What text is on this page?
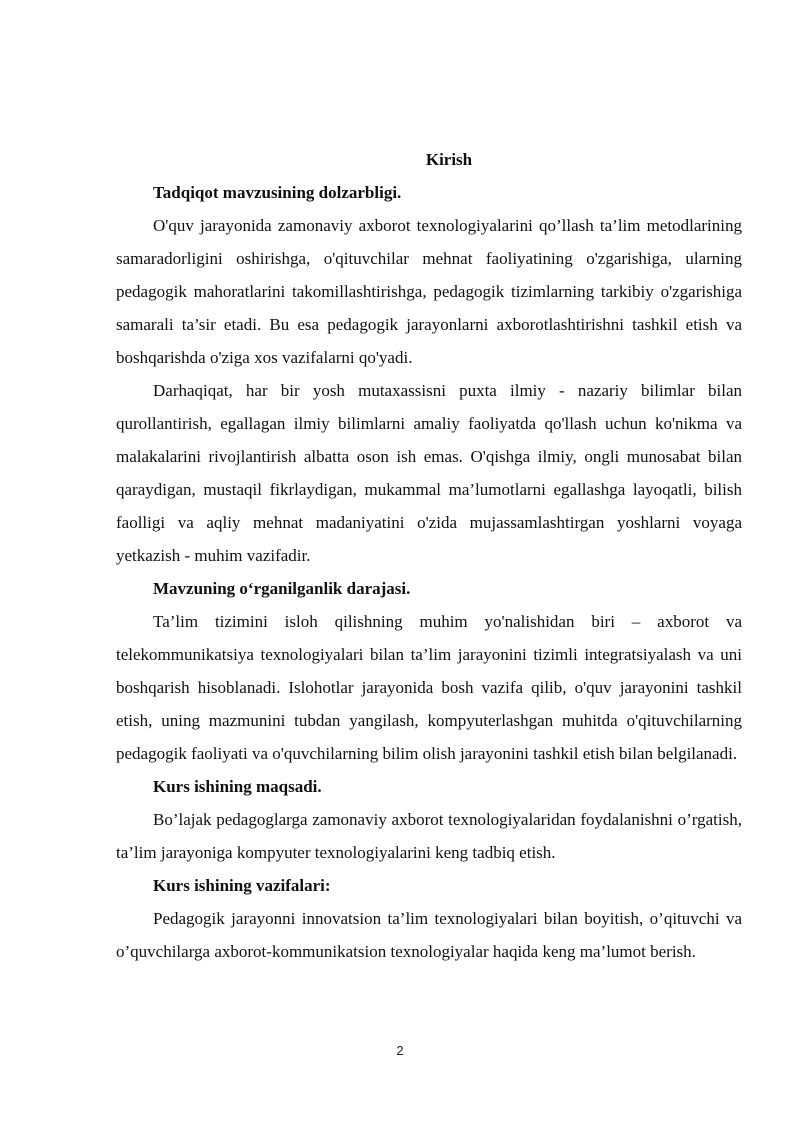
Kirish

Tadqiqot mavzusining dolzarbligi.

O'quv jarayonida zamonaviy axborot texnologiyalarini qo’llash ta’lim metodlarining samaradorligini oshirishga, o'qituvchilar mehnat faoliyatining o'zgarishiga, ularning pedagogik mahoratlarini takomillashtirishga, pedagogik tizimlarning tarkibiy o'zgarishiga samarali ta’sir etadi. Bu esa pedagogik jarayonlarni axborotlashtirishni tashkil etish va boshqarishda o'ziga xos vazifalarni qo'yadi.

Darhaqiqat, har bir yosh mutaxassisni puxta ilmiy - nazariy bilimlar bilan qurollantirish, egallagan ilmiy bilimlarni amaliy faoliyatda qo'llash uchun ko'nikma va malakalarini rivojlantirish albatta oson ish emas. O'qishga ilmiy, ongli munosabat bilan qaraydigan, mustaqil fikrlaydigan, mukammal ma’lumotlarni egallashga layoqatli, bilish faolligi va aqliy mehnat madaniyatini o'zida mujassamlashtirgan yoshlarni voyaga yetkazish - muhim vazifadir.

Mavzuning o‘rganilganlik darajasi.

Ta’lim tizimini isloh qilishning muhim yo'nalishidan biri – axborot va telekommunikatsiya texnologiyalari bilan ta’lim jarayonini tizimli integratsiyalash va uni boshqarish hisoblanadi. Islohotlar jarayonida bosh vazifa qilib, o'quv jarayonini tashkil etish, uning mazmunini tubdan yangilash, kompyuterlashgan muhitda o'qituvchilarning pedagogik faoliyati va o'quvchilarning bilim olish jarayonini tashkil etish bilan belgilanadi.

Kurs ishining maqsadi.

Bo’lajak pedagoglarga zamonaviy axborot texnologiyalaridan foydalanishni o’rgatish, ta’lim jarayoniga kompyuter texnologiyalarini keng tadbiq etish.

Kurs ishining vazifalari:

Pedagogik jarayonni innovatsion ta’lim texnologiyalari bilan boyitish, o’qituvchi va o’quvchilarga axborot-kommunikatsion texnologiyalar haqida keng ma’lumot berish.

2
